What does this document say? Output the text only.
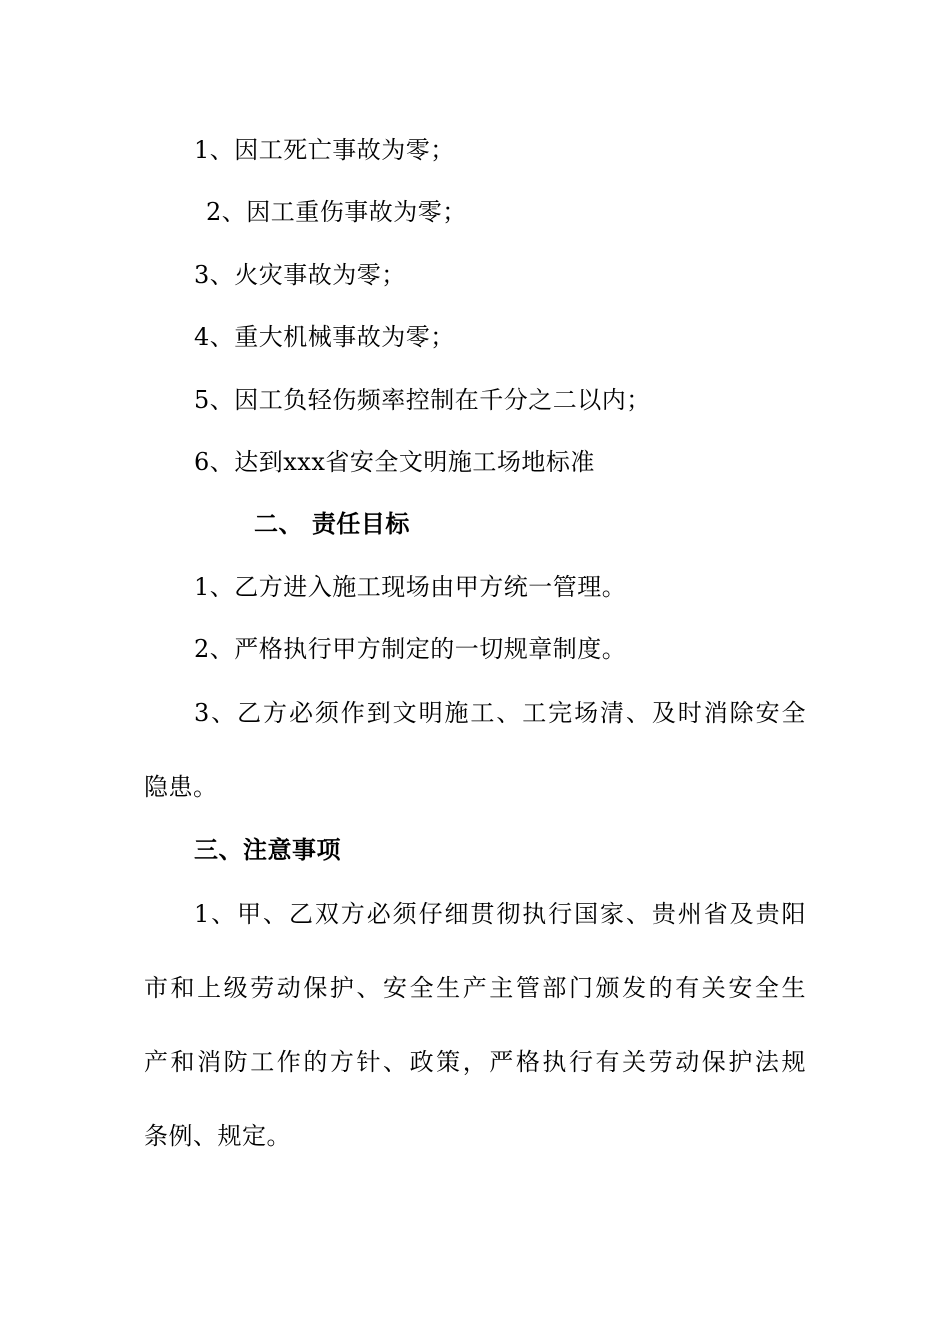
1、因工死亡事故为零；
2、因工重伤事故为零；
3、火灾事故为零；
4、重大机械事故为零；
5、因工负轻伤频率控制在千分之二以内；
6、达到xxx省安全文明施工场地标准
二、 责任目标
1、乙方进入施工现场由甲方统一管理。
2、严格执行甲方制定的一切规章制度。
3、乙方必须作到文明施工、工完场清、及时消除安全
隐患。
三、注意事项
1、甲、乙双方必须仔细贯彻执行国家、贵州省及贵阳
市和上级劳动保护、安全生产主管部门颁发的有关安全生
产和消防工作的方针、政策，严格执行有关劳动保护法规
条例、规定。
